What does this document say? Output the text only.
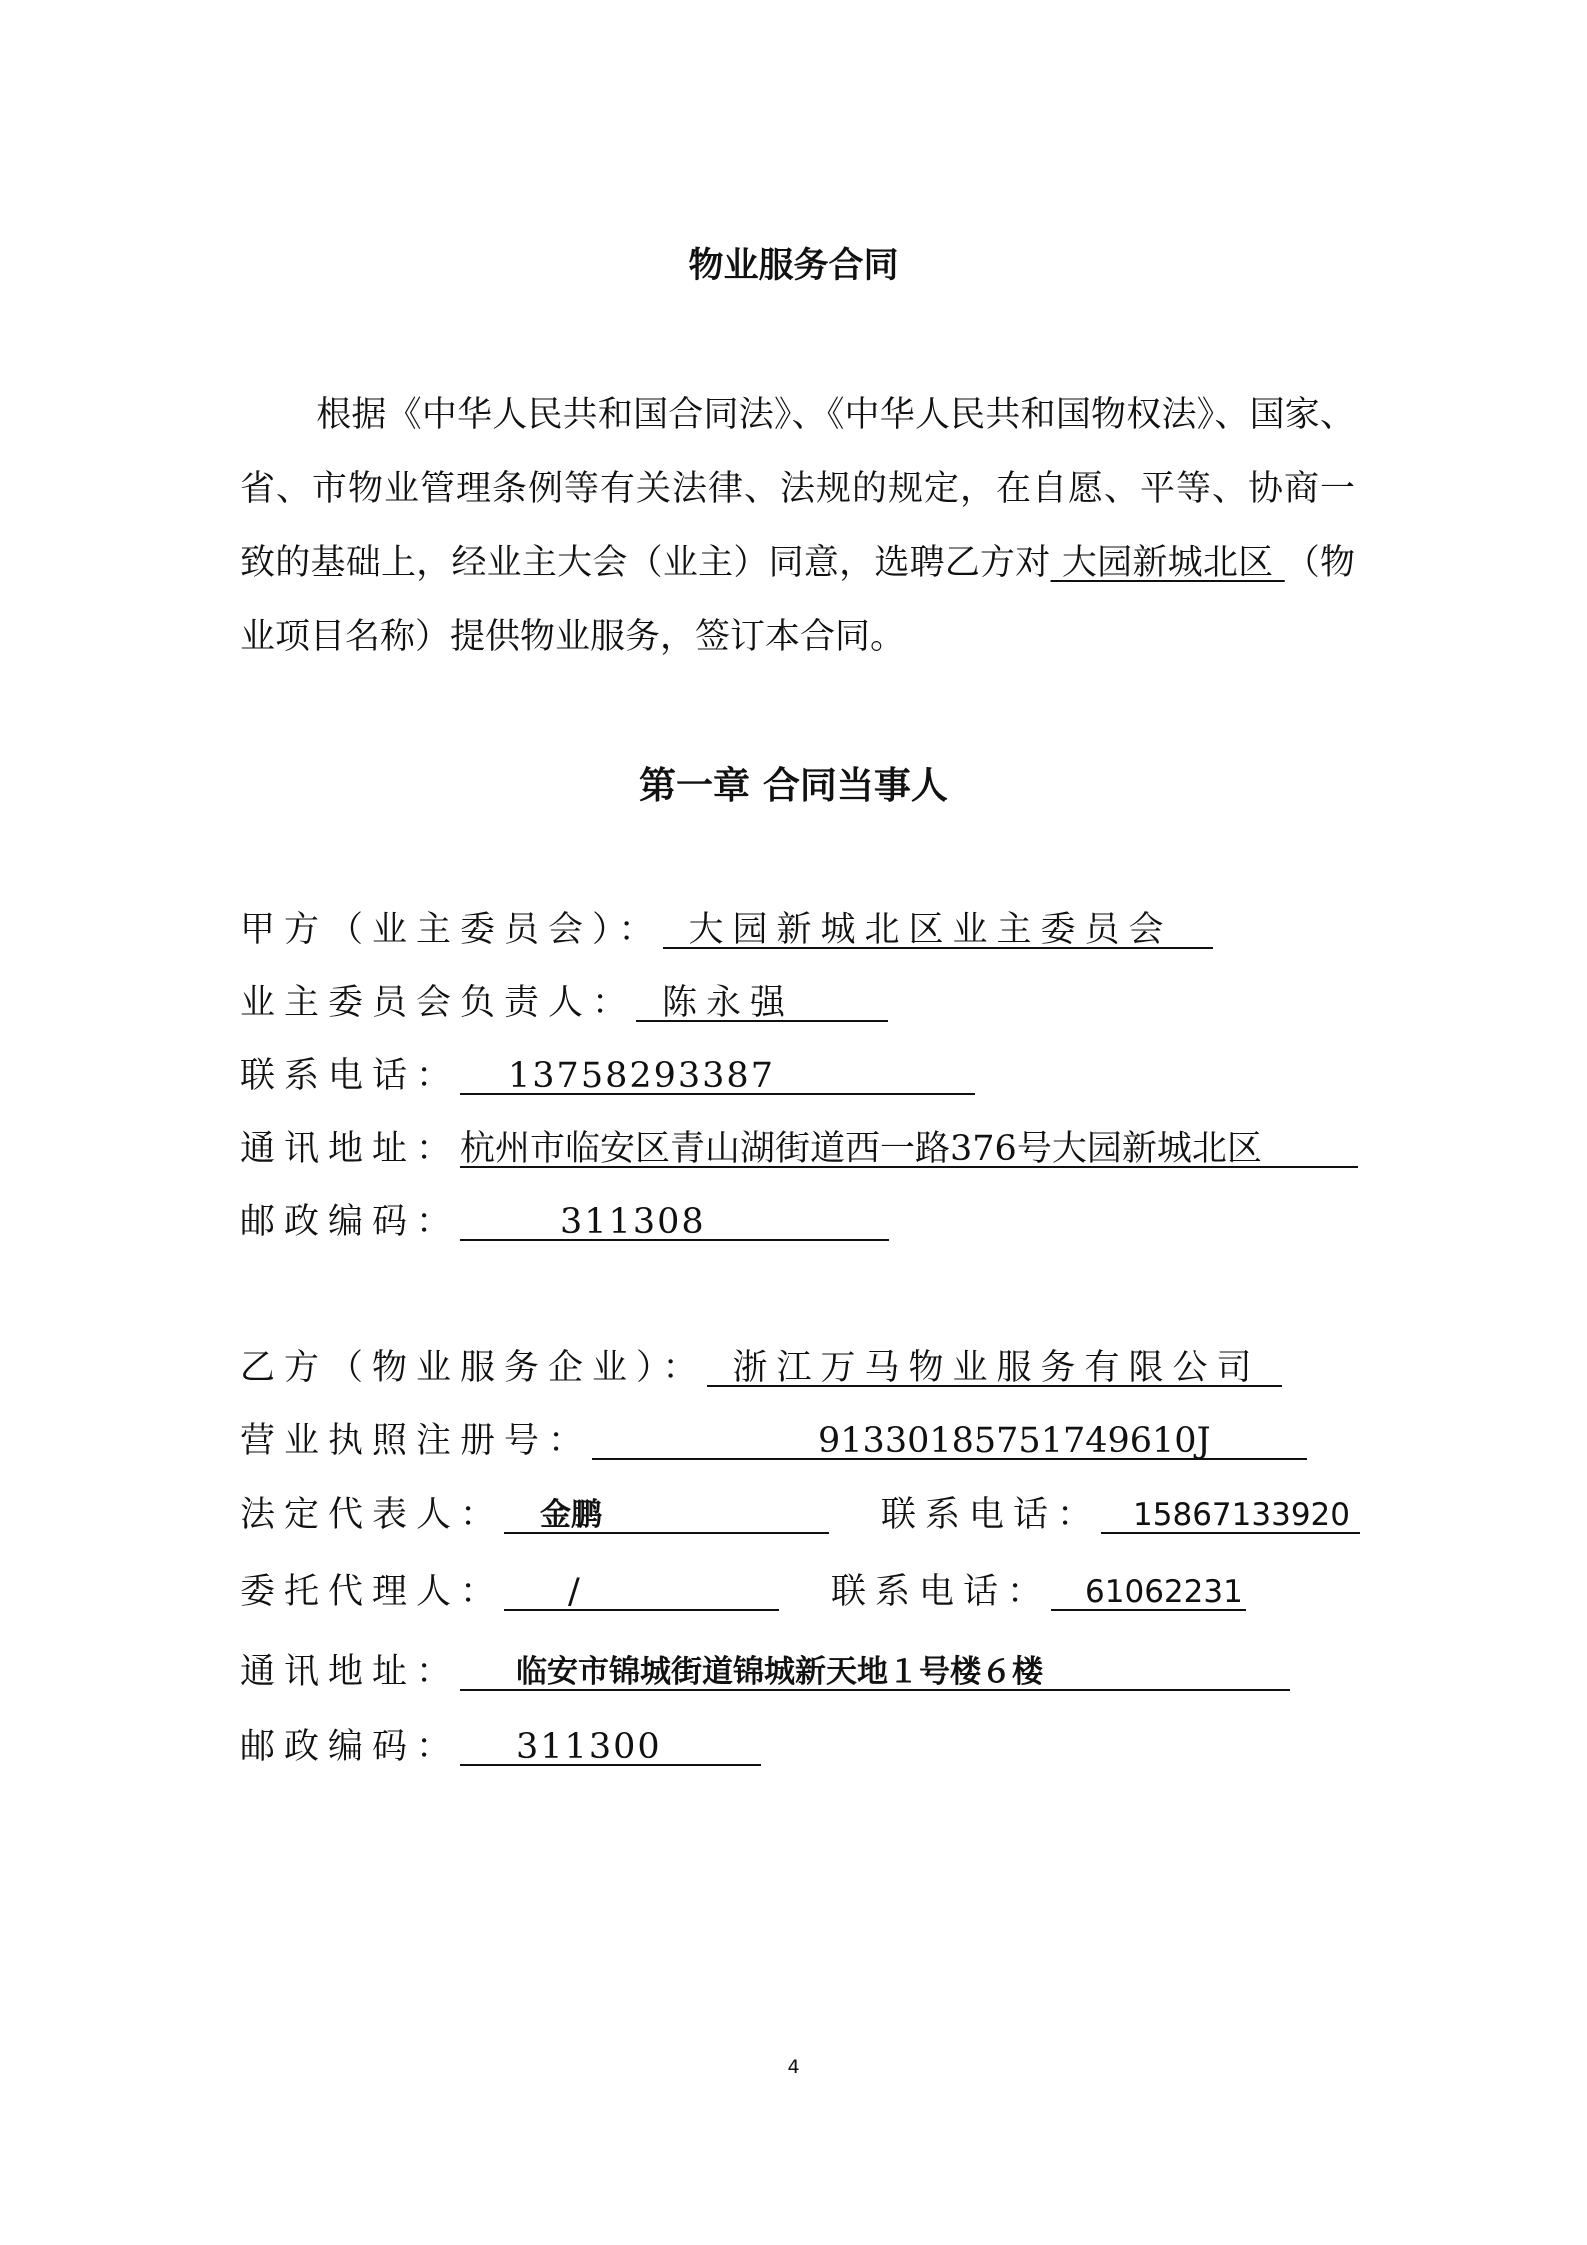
物业服务合同
根据《中华人民共和国合同法》、《中华人民共和国物权法》、国家、省、市物业管理条例等有关法律、法规的规定，在自愿、平等、协商一致的基础上，经业主大会（业主）同意，选聘乙方对 大园新城北区 （物业项目名称）提供物业服务，签订本合同。
第一章 合同当事人
甲方（业主委员会）： 大园新城北区业主委员会
业主委员会负责人： 陈永强
联系电话： 13758293387
通讯地址：杭州市临安区青山湖街道西一路376号大园新城北区
邮政编码：	311308
乙方（物业服务企业）： 浙江万马物业服务有限公司
营业执照注册号：	91330185751749610J
法定代表人： 金鹏	联系电话： 15867133920
委托代理人： /	联系电话： 61062231
通讯地址： 临安市锦城街道锦城新天地１号楼６楼
邮政编码： 311300
4
